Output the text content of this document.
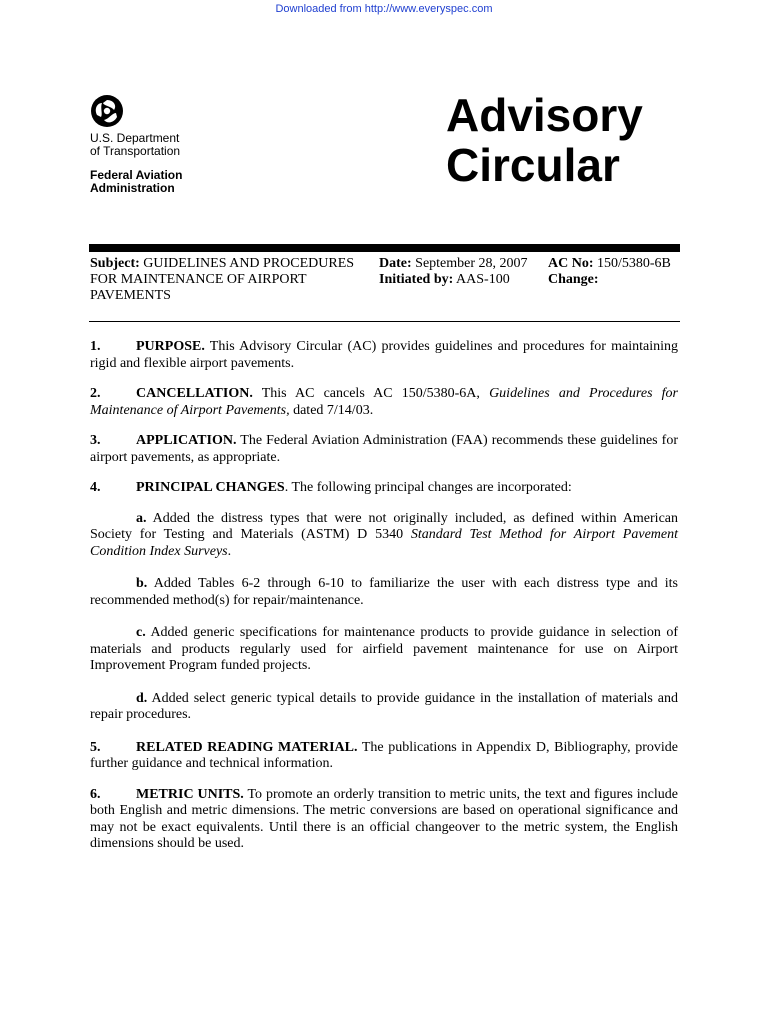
Downloaded from http://www.everyspec.com
U.S. Department
of Transportation
Federal Aviation
Administration
Advisory
Circular
Subject: GUIDELINES AND PROCEDURES FOR MAINTENANCE OF AIRPORT PAVEMENTS
Date: September 28, 2007
Initiated by: AAS-100
AC No: 150/5380-6B
Change:

1.	PURPOSE. This Advisory Circular (AC) provides guidelines and procedures for maintaining rigid and flexible airport pavements.

2.	CANCELLATION. This AC cancels AC 150/5380-6A, Guidelines and Procedures for Maintenance of Airport Pavements, dated 7/14/03.

3.	APPLICATION. The Federal Aviation Administration (FAA) recommends these guidelines for airport pavements, as appropriate.

4.	PRINCIPAL CHANGES. The following principal changes are incorporated:

a. Added the distress types that were not originally included, as defined within American Society for Testing and Materials (ASTM) D 5340 Standard Test Method for Airport Pavement Condition Index Surveys.

b. Added Tables 6-2 through 6-10 to familiarize the user with each distress type and its recommended method(s) for repair/maintenance.

c. Added generic specifications for maintenance products to provide guidance in selection of materials and products regularly used for airfield pavement maintenance for use on Airport Improvement Program funded projects.

d. Added select generic typical details to provide guidance in the installation of materials and repair procedures.

5.	RELATED READING MATERIAL. The publications in Appendix D, Bibliography, provide further guidance and technical information.

6.	METRIC UNITS. To promote an orderly transition to metric units, the text and figures include both English and metric dimensions. The metric conversions are based on operational significance and may not be exact equivalents. Until there is an official changeover to the metric system, the English dimensions should be used.
